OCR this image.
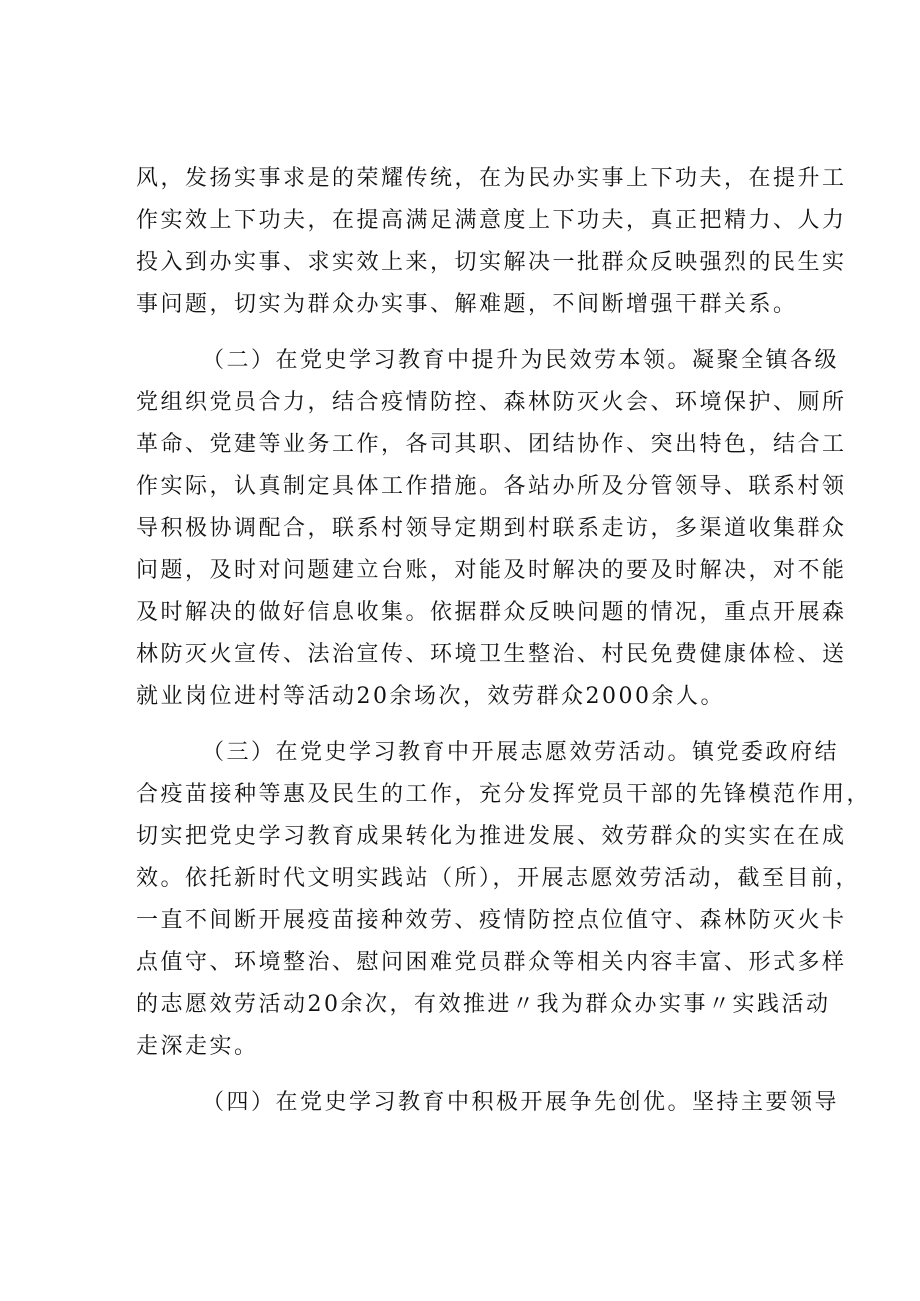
风，发扬实事求是的荣耀传统，在为民办实事上下功夫，在提升工
作实效上下功夫，在提高满足满意度上下功夫，真正把精力、人力
投入到办实事、求实效上来，切实解决一批群众反映强烈的民生实
事问题，切实为群众办实事、解难题，不间断增强干群关系。
（二）在党史学习教育中提升为民效劳本领。凝聚全镇各级
党组织党员合力，结合疫情防控、森林防灭火会、环境保护、厕所
革命、党建等业务工作，各司其职、团结协作、突出特色，结合工
作实际，认真制定具体工作措施。各站办所及分管领导、联系村领
导积极协调配合，联系村领导定期到村联系走访，多渠道收集群众
问题，及时对问题建立台账，对能及时解决的要及时解决，对不能
及时解决的做好信息收集。依据群众反映问题的情况，重点开展森
林防灭火宣传、法治宣传、环境卫生整治、村民免费健康体检、送
就业岗位进村等活动20余场次，效劳群众2000余人。
（三）在党史学习教育中开展志愿效劳活动。镇党委政府结
合疫苗接种等惠及民生的工作，充分发挥党员干部的先锋模范作用，
切实把党史学习教育成果转化为推进发展、效劳群众的实实在在成
效。依托新时代文明实践站（所），开展志愿效劳活动，截至目前，
一直不间断开展疫苗接种效劳、疫情防控点位值守、森林防灭火卡
点值守、环境整治、慰问困难党员群众等相关内容丰富、形式多样
的志愿效劳活动20余次，有效推进〃我为群众办实事〃实践活动
走深走实。
（四）在党史学习教育中积极开展争先创优。坚持主要领导
